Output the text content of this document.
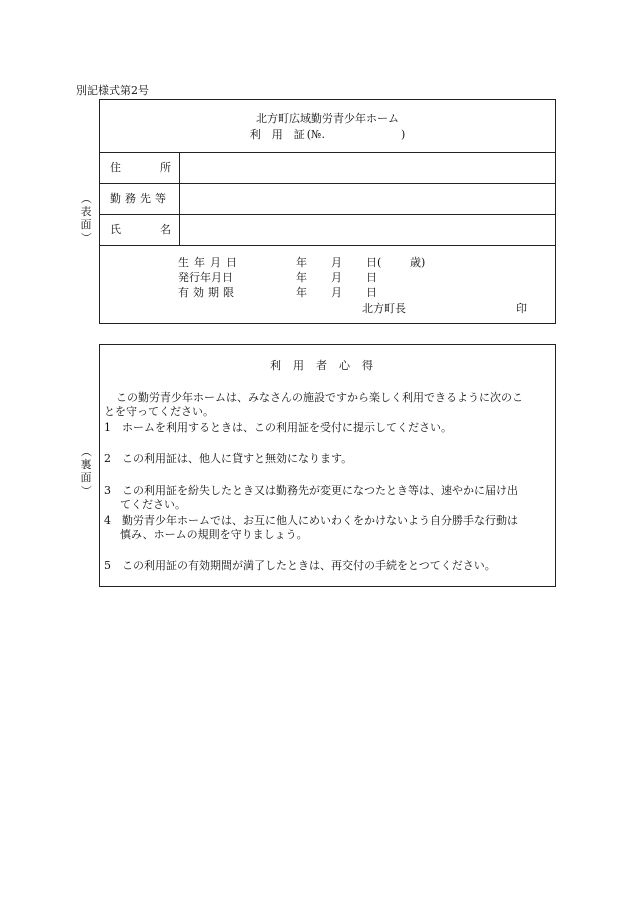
別記様式第2号
（
表
面
）
（
裏
面
）
北方町広域勤労青少年ホーム
利　用　証 (№.	)
住	所
勤務先等
氏	名
生年月日	年 月 日(	歳)
発行年月日	年 月 日
有効期限	年 月 日
北方町長	印
利用者心得

この勤労青少年ホームは、みなさんの施設ですから楽しく利用できるように次のこ

とを守ってください。

1　ホームを利用するときは、この利用証を受付に提示してください。

2　この利用証は、他人に貸すと無効になります。

3　この利用証を紛失したとき又は勤務先が変更になつたとき等は、速やかに届け出

てください。

4　勤労青少年ホームでは、お互に他人にめいわくをかけないよう自分勝手な行動は

慎み、ホームの規則を守りましょう。

5　この利用証の有効期間が満了したときは、再交付の手続をとつてください。
